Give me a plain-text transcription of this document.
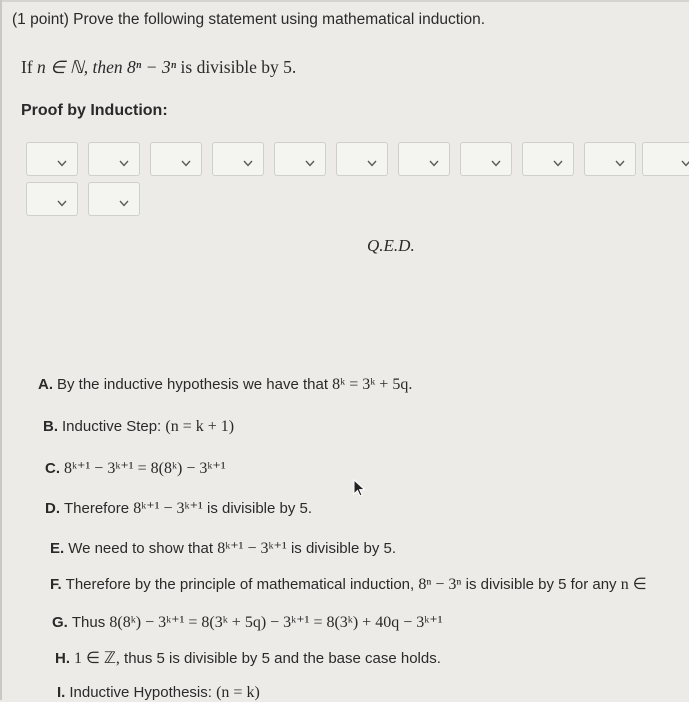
(1 point) Prove the following statement using mathematical induction.
If n ∈ ℕ, then 8ⁿ − 3ⁿ is divisible by 5.
Proof by Induction:
Q.E.D.
A. By the inductive hypothesis we have that 8ᵏ = 3ᵏ + 5q.
B. Inductive Step: (n = k + 1)
C. 8ᵏ⁺¹ − 3ᵏ⁺¹ = 8(8ᵏ) − 3ᵏ⁺¹
D. Therefore 8ᵏ⁺¹ − 3ᵏ⁺¹ is divisible by 5.
E. We need to show that 8ᵏ⁺¹ − 3ᵏ⁺¹ is divisible by 5.
F. Therefore by the principle of mathematical induction, 8ⁿ − 3ⁿ is divisible by 5 for any n ∈
G. Thus 8(8ᵏ) − 3ᵏ⁺¹ = 8(3ᵏ + 5q) − 3ᵏ⁺¹ = 8(3ᵏ) + 40q − 3ᵏ⁺¹
H. 1 ∈ ℤ, thus 5 is divisible by 5 and the base case holds.
I. Inductive Hypothesis: (n = k)
